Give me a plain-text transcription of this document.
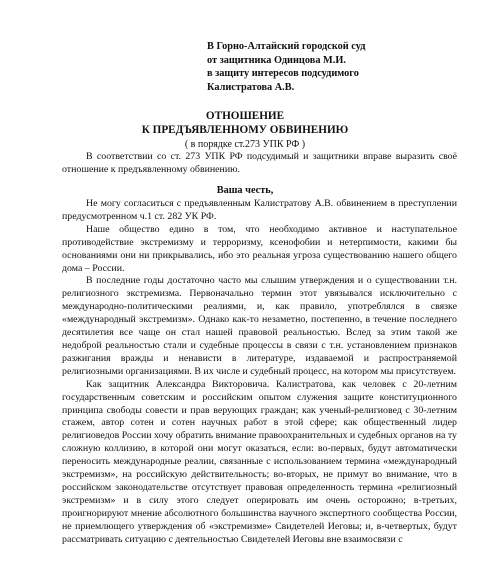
В Горно-Алтайский городской суд
от защитника Одинцова М.И.
в защиту интересов подсудимого
Калистратова А.В.
ОТНОШЕНИЕ
К ПРЕДЪЯВЛЕННОМУ ОБВИНЕНИЮ
( в порядке ст.273 УПК РФ )

В соответствии со ст. 273 УПК РФ подсудимый и защитники вправе выразить своё отношение к предъявленному обвинению.

Ваша честь,

Не могу согласиться с предъявленным Калистратову А.В. обвинением в преступлении предусмотренном ч.1 ст. 282 УК РФ.

Наше общество едино в том, что необходимо активное и наступательное противодействие экстремизму и терроризму, ксенофобии и нетерпимости, какими бы основаниями они ни прикрывались, ибо это реальная угроза существованию нашего общего дома – России.

В последние годы достаточно часто мы слышим утверждения и о существовании т.н. религиозного экстремизма. Первоначально термин этот увязывался исключительно с международно-политическими реалиями, и, как правило, употреблялся в связке «международный экстремизм». Однако как-то незаметно, постепенно, в течение последнего десятилетия все чаще он стал нашей правовой реальностью. Вслед за этим такой же недоброй реальностью стали и судебные процессы в связи с т.н. установлением признаков разжигания вражды и ненависти в литературе, издаваемой и распространяемой религиозными организациями. В их числе и судебный процесс, на котором мы присутствуем.

Как защитник Александра Викторовича. Калистратова, как человек с 20-летним государственным советским и российским опытом служения защите конституционного принципа свободы совести и прав верующих граждан; как ученый-религиовед с 30-летним стажем, автор сотен и сотен научных работ в этой сфере; как общественный лидер религиоведов России хочу обратить внимание правоохранительных и судебных органов на ту сложную коллизию, в которой они могут оказаться, если: во-первых, будут автоматически переносить международные реалии, связанные с использованием термина «международный экстремизм», на российскую действительность; во-вторых, не примут во внимание, что в российском законодательстве отсутствует правовая определенность термина «религиозный экстремизм» и в силу этого следует оперировать им очень осторожно; в-третьих, проигнорируют мнение абсолютного большинства научного экспертного сообщества России, не приемлющего утверждения об «экстремизме» Свидетелей Иеговы; и, в-четвертых, будут рассматривать ситуацию с деятельностью Свидетелей Иеговы вне взаимосвязи с
